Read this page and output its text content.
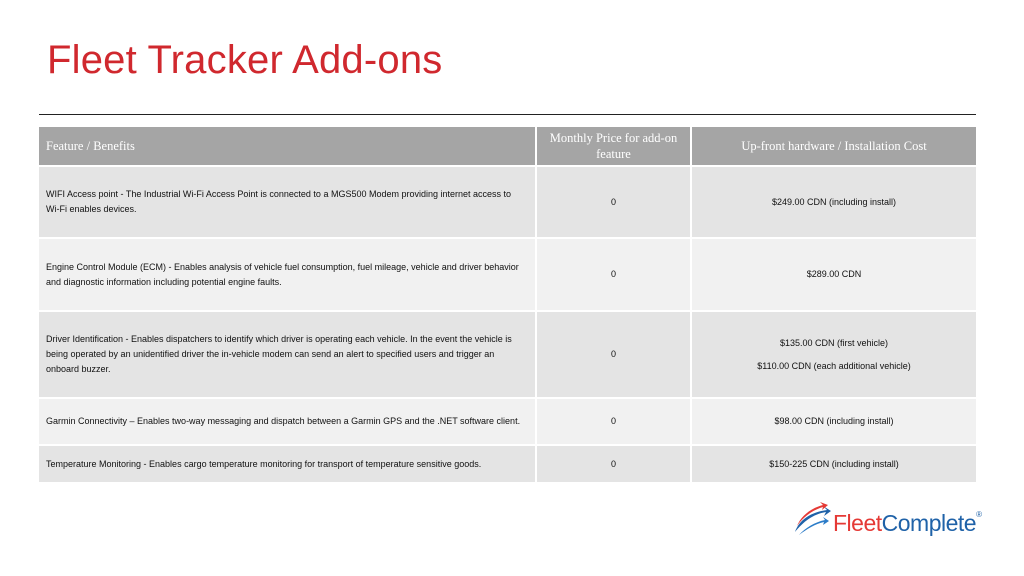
Fleet Tracker Add-ons
Feature / Benefits	Monthly Price for add-on feature	Up-front hardware / Installation Cost
WIFI Access point - The Industrial Wi-Fi Access Point is connected to a MGS500 Modem providing internet access to Wi-Fi enables devices.	0	$249.00 CDN (including install)

Engine Control Module (ECM) - Enables analysis of vehicle fuel consumption, fuel mileage, vehicle and driver behavior and diagnostic information including potential engine faults.	0	$289.00 CDN

Driver Identification - Enables dispatchers to identify which driver is operating each vehicle. In the event the vehicle is being operated by an unidentified driver the in-vehicle modem can send an alert to specified users and trigger an onboard buzzer.	0	$135.00 CDN (first vehicle)
$110.00 CDN (each additional vehicle)

Garmin Connectivity – Enables two-way messaging and dispatch between a Garmin GPS and the .NET software client.	0	$98.00 CDN (including install)

Temperature Monitoring - Enables cargo temperature monitoring for transport of temperature sensitive goods.	0	$150-225 CDN (including install)
FleetComplete®
